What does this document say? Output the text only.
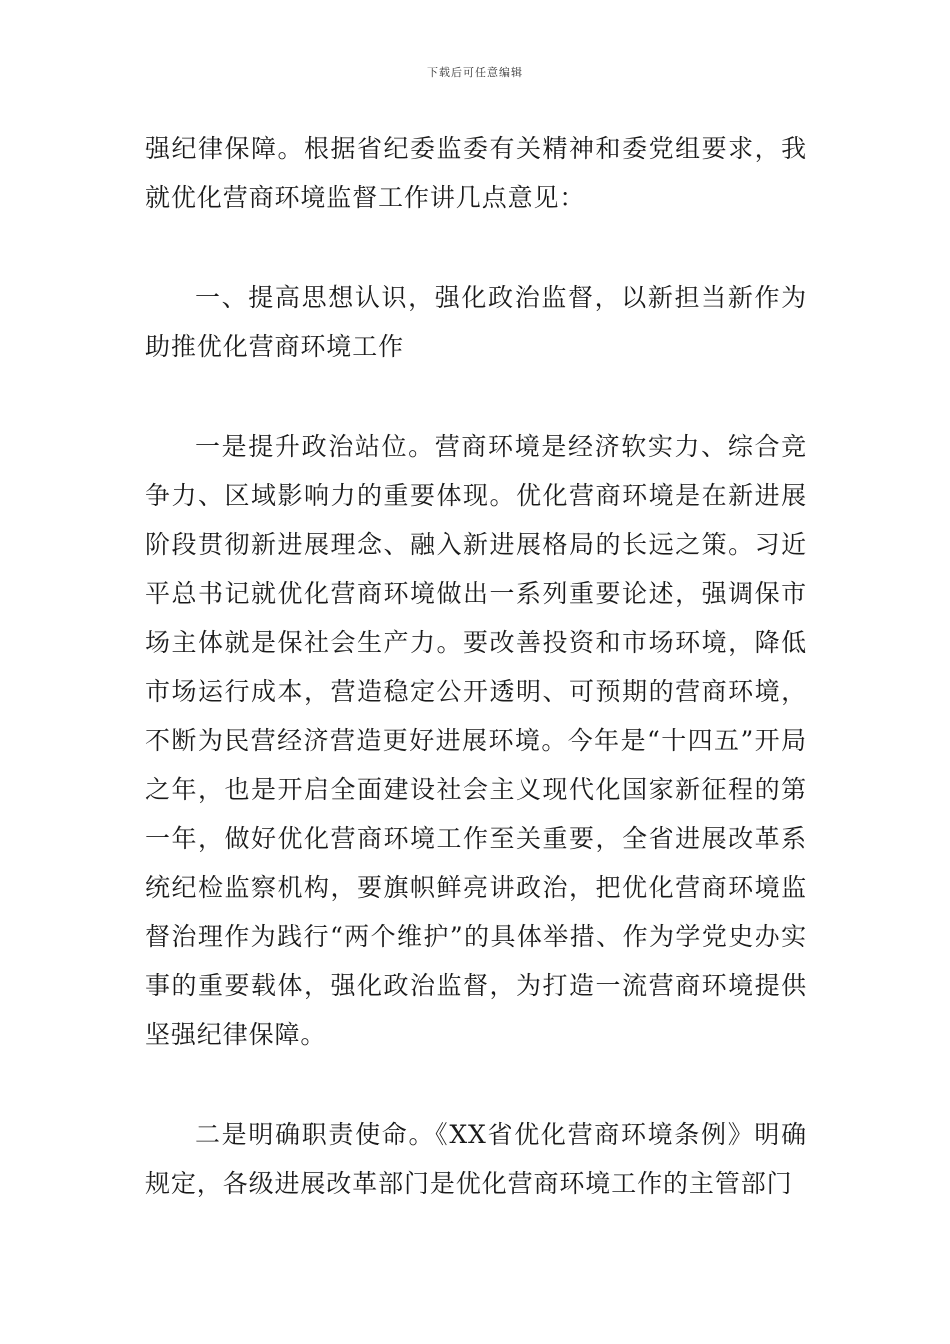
下载后可任意编辑

强纪律保障。根据省纪委监委有关精神和委党组要求，我就优化营商环境监督工作讲几点意见：

一、提高思想认识，强化政治监督，以新担当新作为助推优化营商环境工作

一是提升政治站位。营商环境是经济软实力、综合竞争力、区域影响力的重要体现。优化营商环境是在新进展阶段贯彻新进展理念、融入新进展格局的长远之策。习近平总书记就优化营商环境做出一系列重要论述，强调保市场主体就是保社会生产力。要改善投资和市场环境，降低市场运行成本，营造稳定公开透明、可预期的营商环境，不断为民营经济营造更好进展环境。今年是“十四五”开局之年，也是开启全面建设社会主义现代化国家新征程的第一年，做好优化营商环境工作至关重要，全省进展改革系统纪检监察机构，要旗帜鲜亮讲政治，把优化营商环境监督治理作为践行“两个维护”的具体举措、作为学党史办实事的重要载体，强化政治监督，为打造一流营商环境提供坚强纪律保障。

二是明确职责使命。《XX省优化营商环境条例》明确规定，各级进展改革部门是优化营商环境工作的主管部门
